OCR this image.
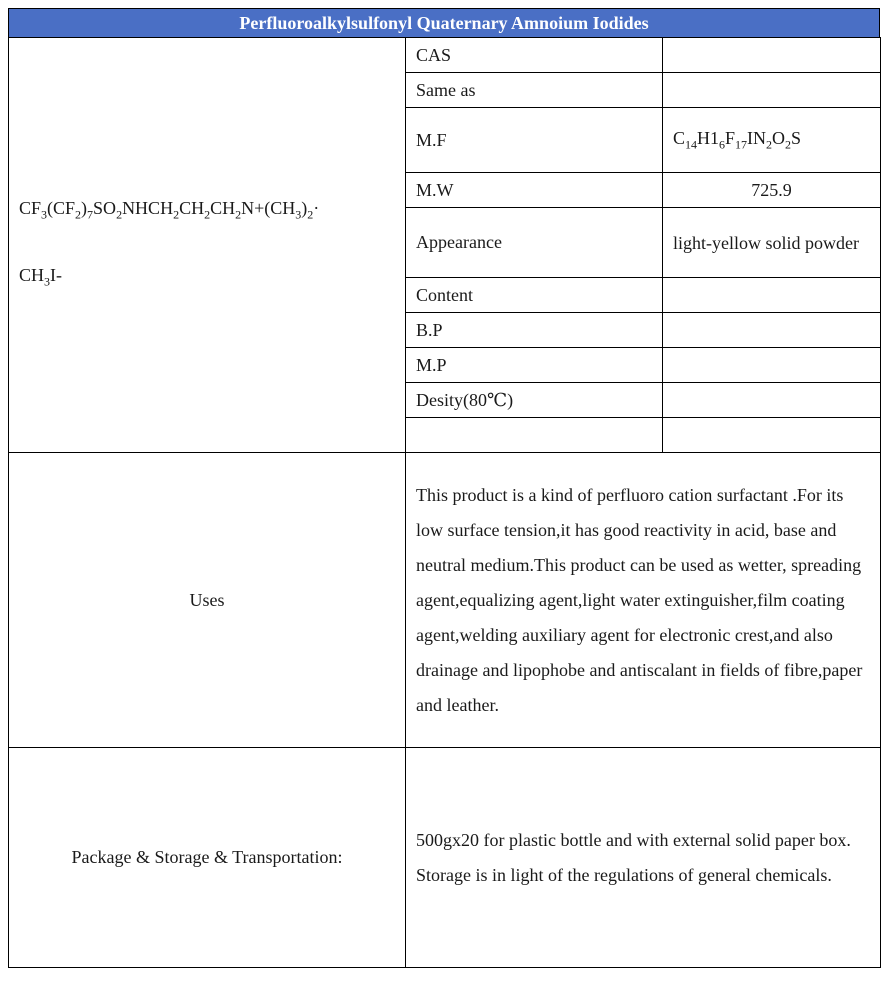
Perfluoroalkylsulfonyl Quaternary Amnoium Iodides
$CF_3(CF_2)_7SO_2NHCH_2CH_2CH_2N+(CH_3)_2\cdot$
$CH_3I-$	CAS	
	Same as	
	M.F	$C_{14}H1_6F_{17}IN_2O_2S$
	M.W	725.9
	Appearance	light-yellow solid powder
	Content	
	B.P	
	M.P	
	Desity(80℃)	

Uses	This product is a kind of perfluoro cation surfactant .For its low surface tension,it has good reactivity in acid, base and neutral medium.This product can be used as wetter, spreading agent,equalizing agent,light water extinguisher,film coating agent,welding auxiliary agent for electronic crest,and also drainage and lipophobe and antiscalant in fields of fibre,paper and leather.	
Package & Storage & Transportation:	500gx20 for plastic bottle and with external solid paper box. Storage is in light of the regulations of general chemicals.	
